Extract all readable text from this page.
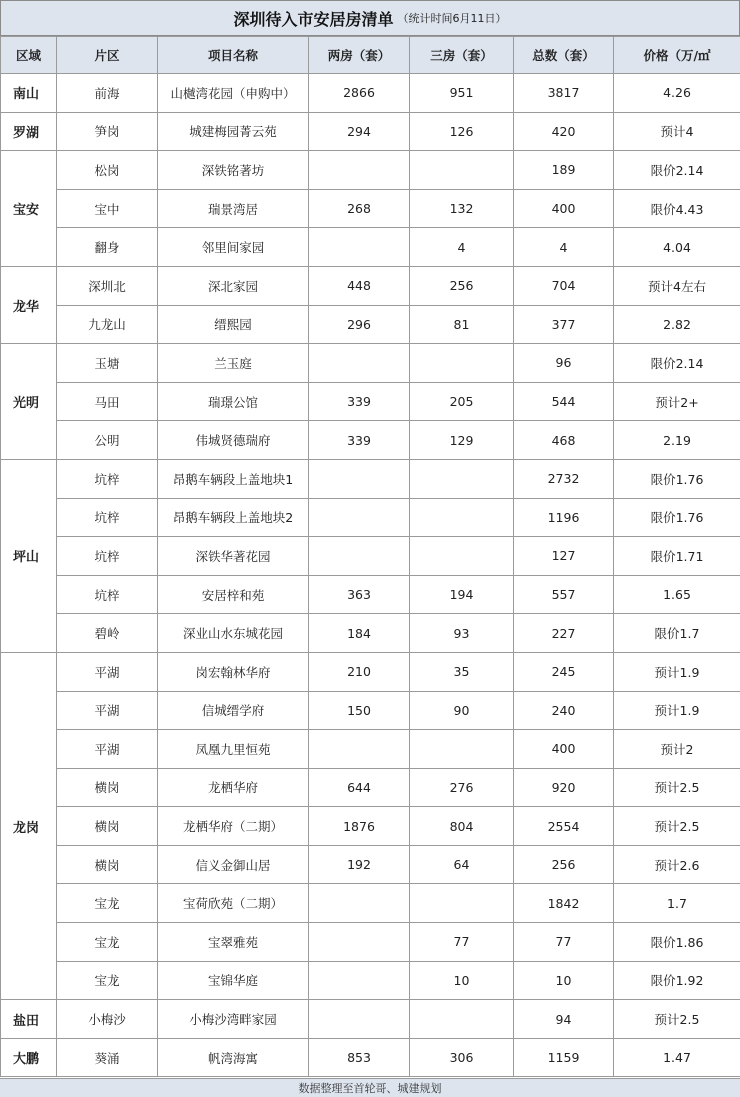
深圳待入市安居房清单 （统计时间6月11日）
区域	片区	项目名称	两房（套）	三房（套）	总数（套）	价格（万/㎡
南山	前海	山樾湾花园（申购中）	2866	951	3817	4.26
罗湖	笋岗	城建梅园菁云苑	294	126	420	预计4
宝安	松岗	深铁铭著坊			189	限价2.14
	宝中	瑞景湾居	268	132	400	限价4.43
	翻身	邻里间家园		4	4	4.04
龙华	深圳北	深北家园	448	256	704	预计4左右
	九龙山	缙熙园	296	81	377	2.82
光明	玉塘	兰玉庭			96	限价2.14
	马田	瑞璟公馆	339	205	544	预计2+
	公明	伟城贤德瑞府	339	129	468	2.19
坪山	坑梓	昂鹅车辆段上盖地块1			2732	限价1.76
	坑梓	昂鹅车辆段上盖地块2			1196	限价1.76
	坑梓	深铁华著花园			127	限价1.71
	坑梓	安居梓和苑	363	194	557	1.65
	碧岭	深业山水东城花园	184	93	227	限价1.7
龙岗	平湖	岗宏翰林华府	210	35	245	预计1.9
	平湖	信城缙学府	150	90	240	预计1.9
	平湖	凤凰九里恒苑			400	预计2
	横岗	龙栖华府	644	276	920	预计2.5
	横岗	龙栖华府（二期）	1876	804	2554	预计2.5
	横岗	信义金御山居	192	64	256	预计2.6
	宝龙	宝荷欣苑（二期）			1842	1.7
	宝龙	宝翠雅苑		77	77	限价1.86
	宝龙	宝锦华庭		10	10	限价1.92
盐田	小梅沙	小梅沙湾畔家园			94	预计2.5
大鹏	葵涌	帆湾海寓	853	306	1159	1.47
数据整理至首轮哥、城建规划
